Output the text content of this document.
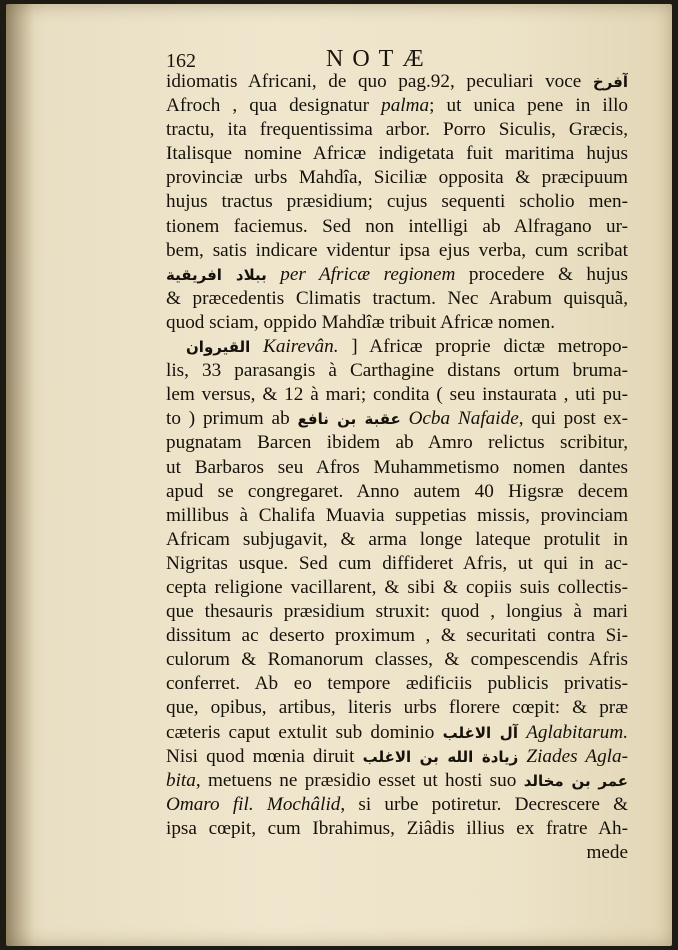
162	NOTÆ
idiomatis Africani, de quo pag.92, peculiari voce آفرخ
Afroch , qua designatur palma; ut unica pene in illo
tractu, ita frequentissima arbor. Porro Siculis, Græcis,
Italisque nomine Africæ indigetata fuit maritima hujus
provinciæ urbs Mahdîa, Siciliæ opposita & præcipuum
hujus tractus præsidium; cujus sequenti scholio men-
tionem faciemus. Sed non intelligi ab Alfragano ur-
bem, satis indicare videntur ipsa ejus verba, cum scribat
ببلاد افريقية per Africæ regionem procedere & hujus
& præcedentis Climatis tractum. Nec Arabum quisquã,
quod sciam, oppido Mahdîæ tribuit Africæ nomen.
القيروان Kairevân. ] Africæ proprie dictæ metropo-
lis, 33 parasangis à Carthagine distans ortum bruma-
lem versus, & 12 à mari; condita ( seu instaurata , uti pu-
to ) primum ab عقبة بن نافع Ocba Nafaide, qui post ex-
pugnatam Barcen ibidem ab Amro relictus scribitur,
ut Barbaros seu Afros Muhammetismo nomen dantes
apud se congregaret. Anno autem 40 Higsræ decem
millibus à Chalifa Muavia suppetias missis, provinciam
Africam subjugavit, & arma longe lateque protulit in
Nigritas usque. Sed cum diffideret Afris, ut qui in ac-
cepta religione vacillarent, & sibi & copiis suis collectis-
que thesauris præsidium struxit: quod , longius à mari
dissitum ac deserto proximum , & securitati contra Si-
culorum & Romanorum classes, & compescendis Afris
conferret. Ab eo tempore ædificiis publicis privatis-
que, opibus, artibus, literis urbs florere cœpit: & præ
cæteris caput extulit sub dominio آل الاغلب Aglabitarum.
Nisi quod mœnia diruit زيادة الله بن الاغلب Ziades Agla-
bita, metuens ne præsidio esset ut hosti suo عمر بن مخالد
Omaro fil. Mochâlid, si urbe potiretur. Decrescere &
ipsa cœpit, cum Ibrahimus, Ziâdis illius ex fratre Ah-
mede
